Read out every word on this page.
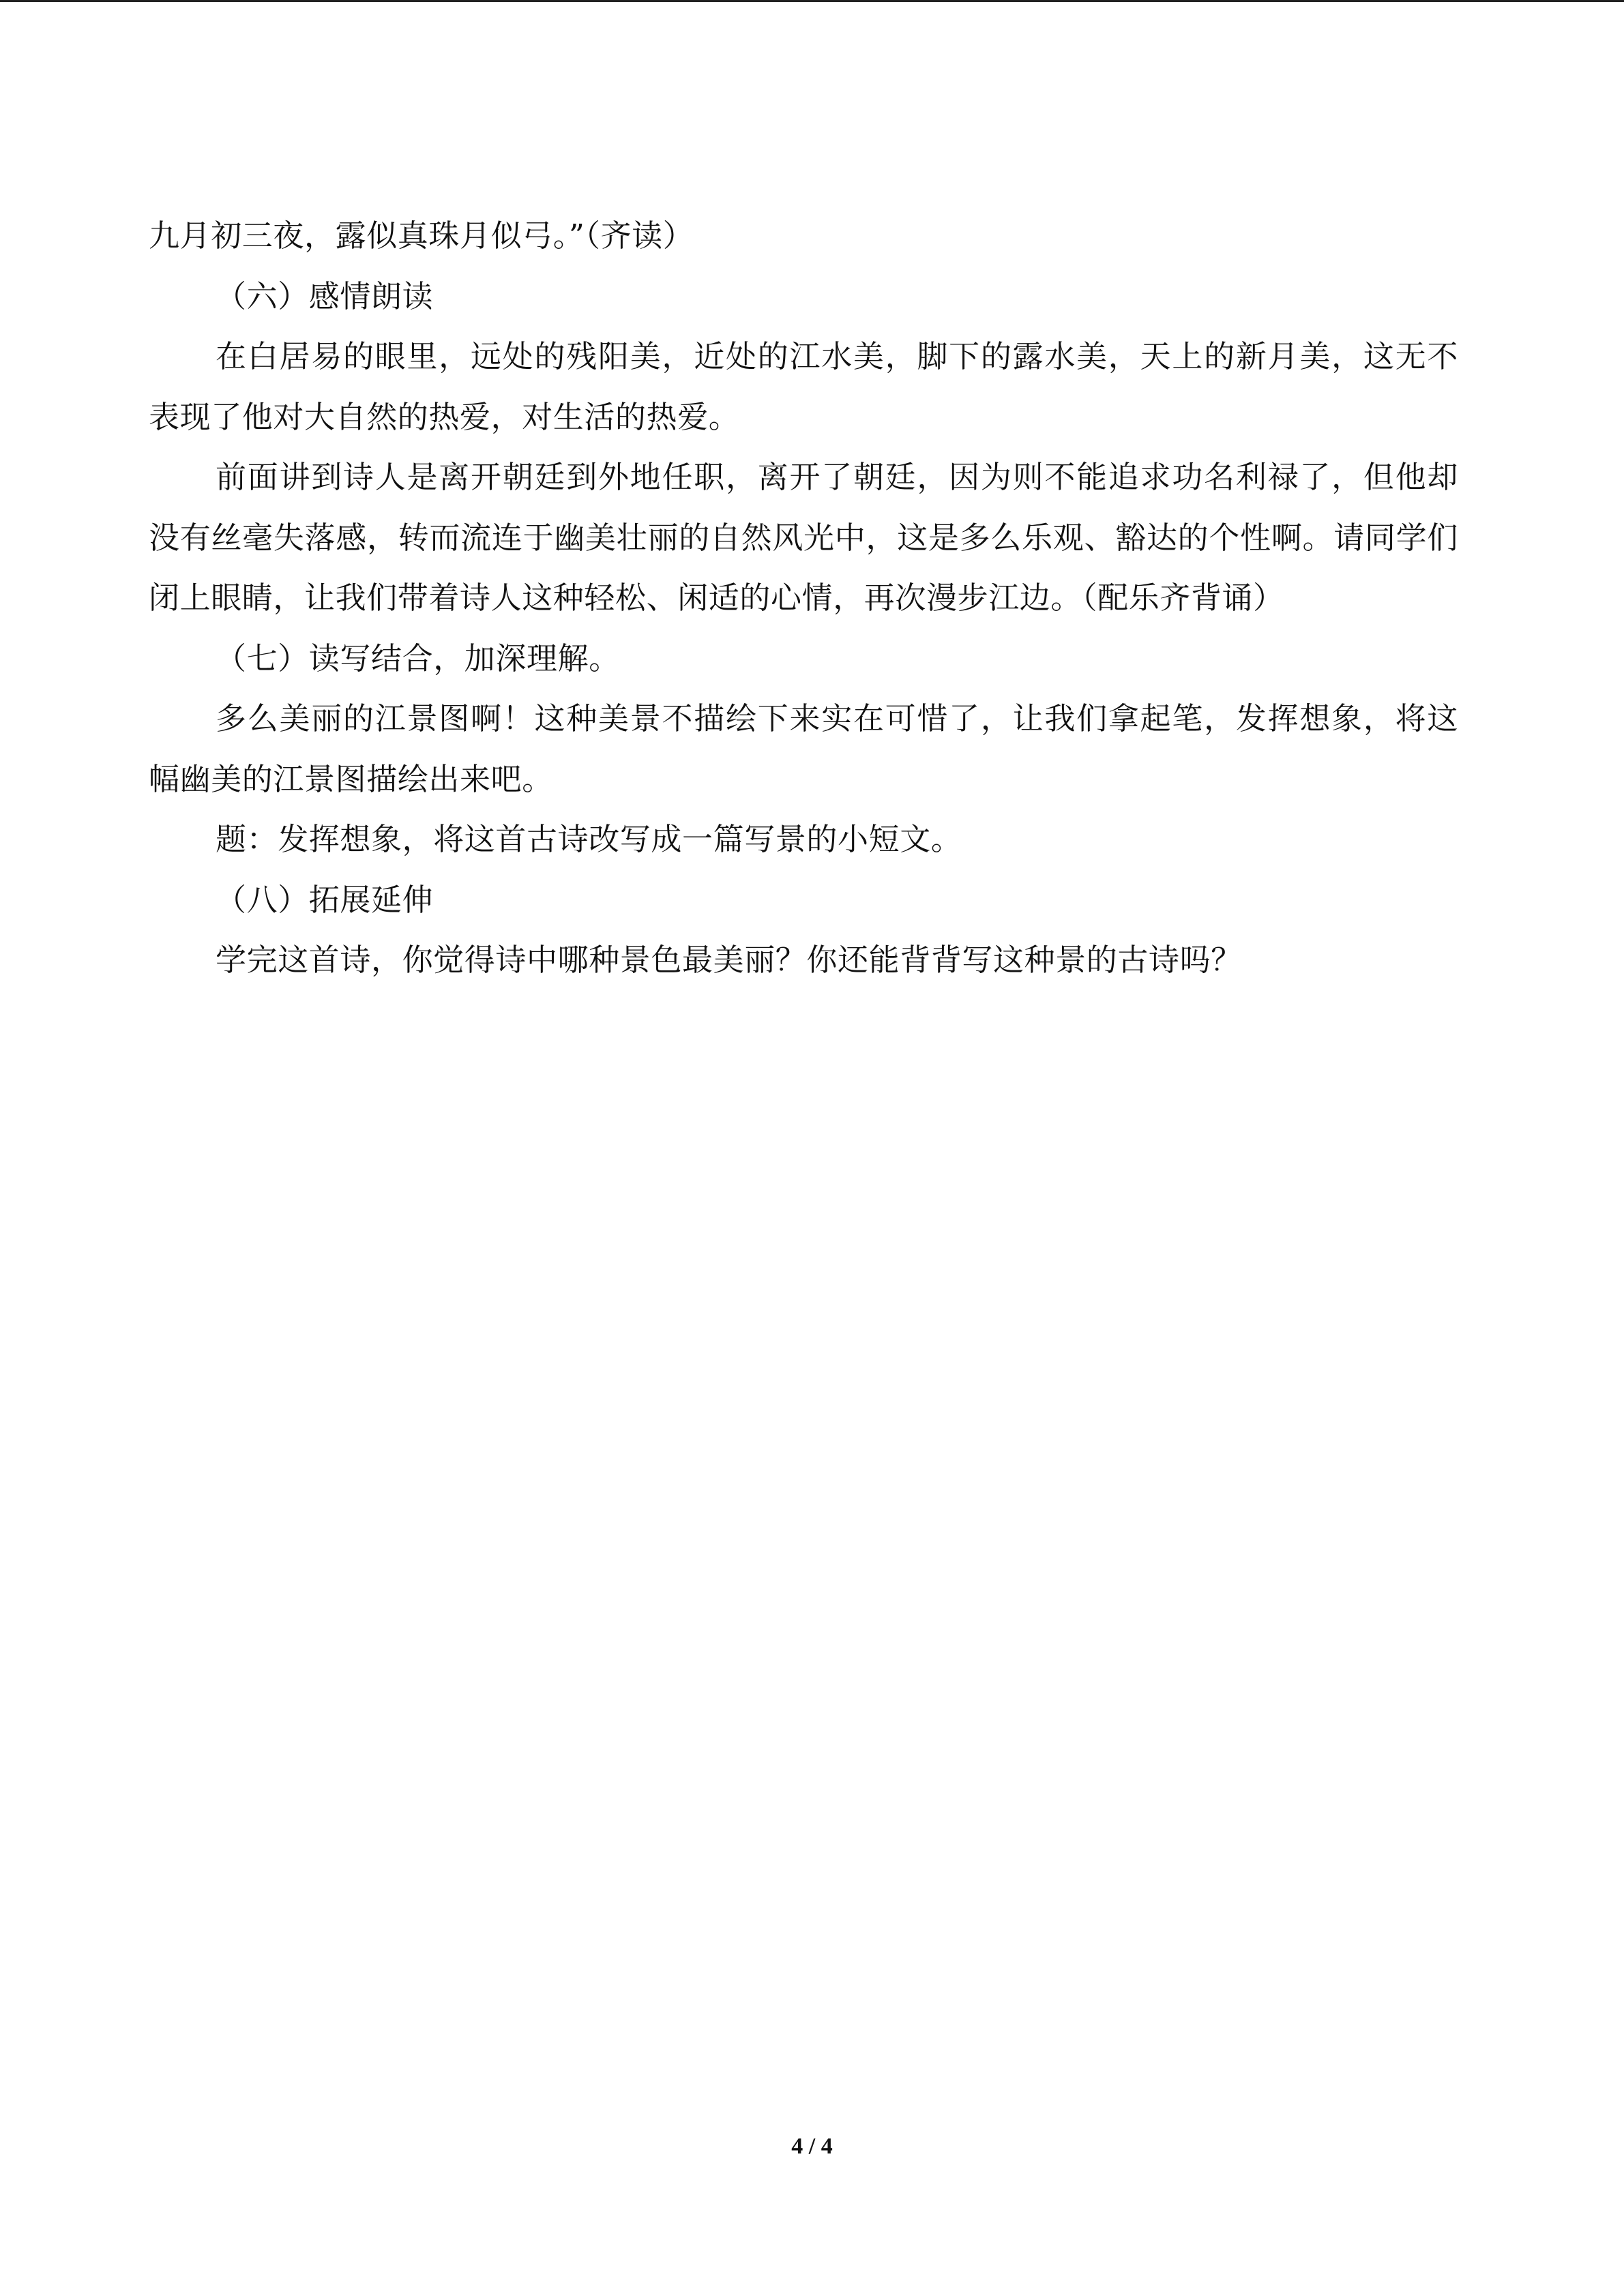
九月初三夜，露似真珠月似弓。”（齐读）

（六）感情朗读

在白居易的眼里，远处的残阳美，近处的江水美，脚下的露水美，天上的新月美，这无不表现了他对大自然的热爱，对生活的热爱。

前面讲到诗人是离开朝廷到外地任职，离开了朝廷，因为则不能追求功名利禄了，但他却没有丝毫失落感，转而流连于幽美壮丽的自然风光中，这是多么乐观、豁达的个性啊。请同学们闭上眼睛，让我们带着诗人这种轻松、闲适的心情，再次漫步江边。（配乐齐背诵）

（七）读写结合，加深理解。

多么美丽的江景图啊！这种美景不描绘下来实在可惜了，让我们拿起笔，发挥想象，将这幅幽美的江景图描绘出来吧。

题：发挥想象，将这首古诗改写成一篇写景的小短文。

（八）拓展延伸

学完这首诗，你觉得诗中哪种景色最美丽？你还能背背写这种景的古诗吗？

4 / 4
